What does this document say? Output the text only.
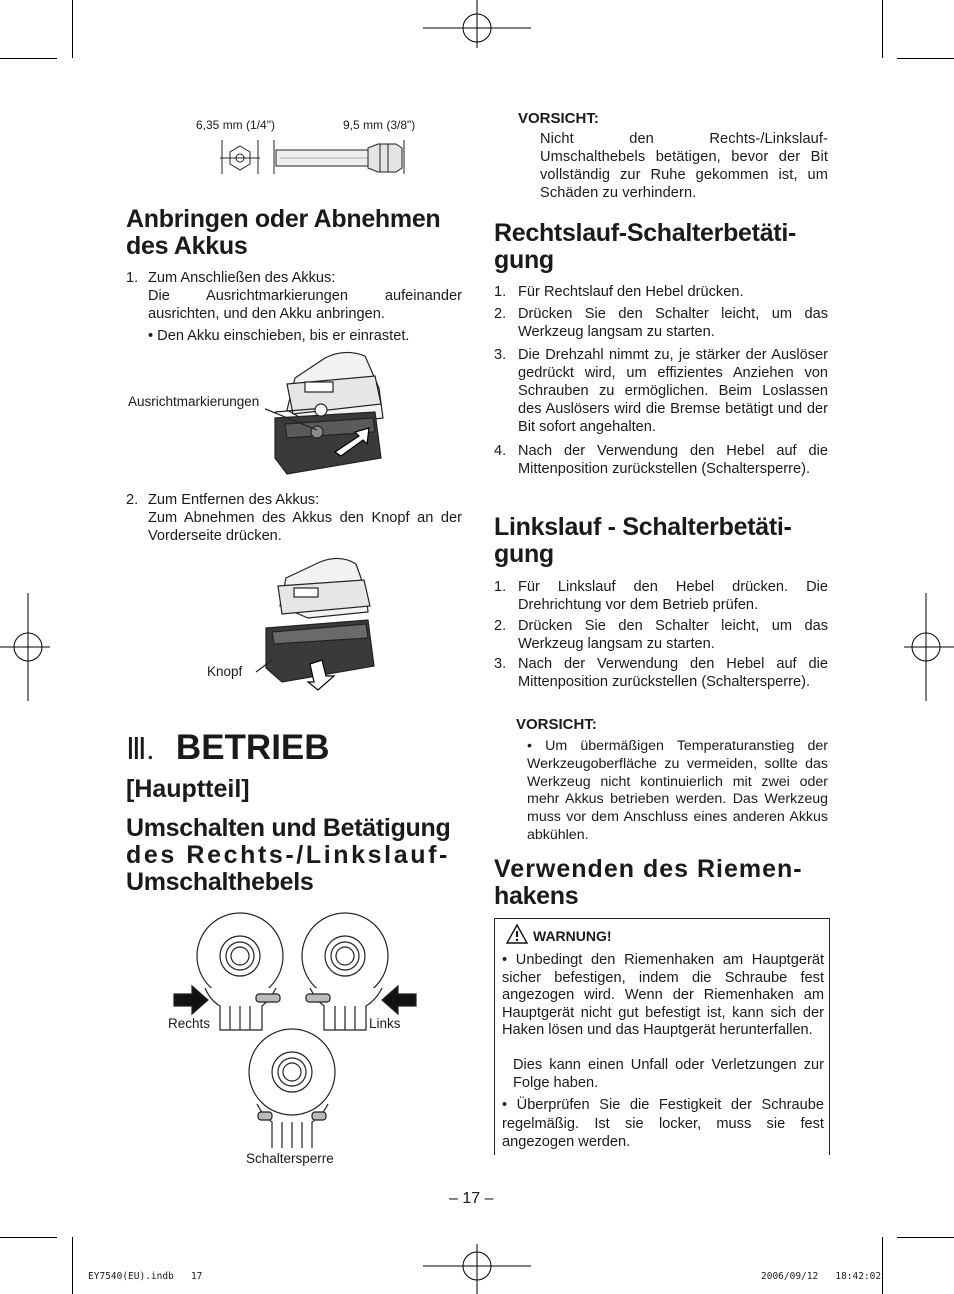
6,35 mm (1/4")	9,5 mm (3/8")
Anbringen oder Abnehmen
des Akkus
1. Zum Anschließen des Akkus:
Die Ausrichtmarkierungen aufeinander ausrichten, und den Akku anbringen.
• Den Akku einschieben, bis er einrastet.
Ausrichtmarkierungen
2. Zum Entfernen des Akkus:
Zum Abnehmen des Akkus den Knopf an der Vorderseite drücken.
Knopf
Ⅲ. BETRIEB
[Hauptteil]
Umschalten und Betätigung
des Rechts-/Linkslauf-
Umschalthebels
Rechts	Links
Schaltersperre
VORSICHT:
Nicht den Rechts-/Linkslauf-Umschalthebels betätigen, bevor der Bit vollständig zur Ruhe gekommen ist, um Schäden zu verhindern.
Rechtslauf-Schalterbetäti-
gung
1. Für Rechtslauf den Hebel drücken.
2. Drücken Sie den Schalter leicht, um das Werkzeug langsam zu starten.
3. Die Drehzahl nimmt zu, je stärker der Auslöser gedrückt wird, um effizientes Anziehen von Schrauben zu ermöglichen. Beim Loslassen des Auslösers wird die Bremse betätigt und der Bit sofort angehalten.
4. Nach der Verwendung den Hebel auf die Mittenposition zurückstellen (Schaltersperre).
Linkslauf - Schalterbetäti-
gung
1. Für Linkslauf den Hebel drücken. Die Drehrichtung vor dem Betrieb prüfen.
2. Drücken Sie den Schalter leicht, um das Werkzeug langsam zu starten.
3. Nach der Verwendung den Hebel auf die Mittenposition zurückstellen (Schaltersperre).
VORSICHT:
• Um übermäßigen Temperaturanstieg der Werkzeugoberfläche zu vermeiden, sollte das Werkzeug nicht kontinuierlich mit zwei oder mehr Akkus betrieben werden. Das Werkzeug muss vor dem Anschluss eines anderen Akkus abkühlen.
Verwenden des Riemen-
hakens
WARNUNG!
• Unbedingt den Riemenhaken am Hauptgerät sicher befestigen, indem die Schraube fest angezogen wird. Wenn der Riemenhaken am Hauptgerät nicht gut befestigt ist, kann sich der Haken lösen und das Hauptgerät herunterfallen.
Dies kann einen Unfall oder Verletzungen zur Folge haben.
• Überprüfen Sie die Festigkeit der Schraube regelmäßig. Ist sie locker, muss sie fest angezogen werden.
– 17 –
EY7540(EU).indb   17	2006/09/12   18:42:02
